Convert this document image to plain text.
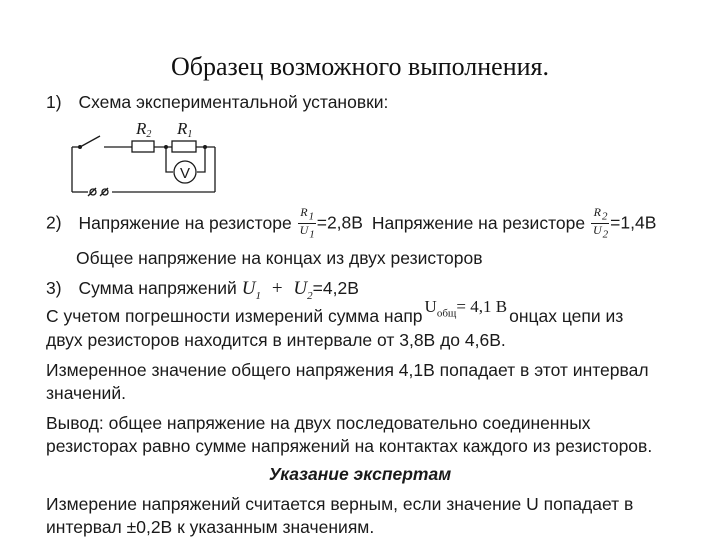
Образец возможного выполнения.
1) Схема экспериментальной установки:
R2 R1
V
2) Напряжение на резисторе $\frac{R_1}{U_1} =2,8В$ Напряжение на резисторе $\frac{R_2}{U_2} =1,4В$
Общее напряжение на концах из двух резисторов
3) Сумма напряжений $U_1 + U_2=4,2В$
С учетом погрешности измерений сумма напр $U_{общ}= 4,1$ В онцах цепи из
двух резисторов находится в интервале от 3,8В до 4,6В.
Измеренное значение общего напряжения 4,1В попадает в этот интервал
значений.
Вывод: общее напряжение на двух последовательно соединенных
резисторах равно сумме напряжений на контактах каждого из резисторов.
Указание экспертам
Измерение напряжений считается верным, если значение U попадает в
интервал ±0,2В к указанным значениям.
